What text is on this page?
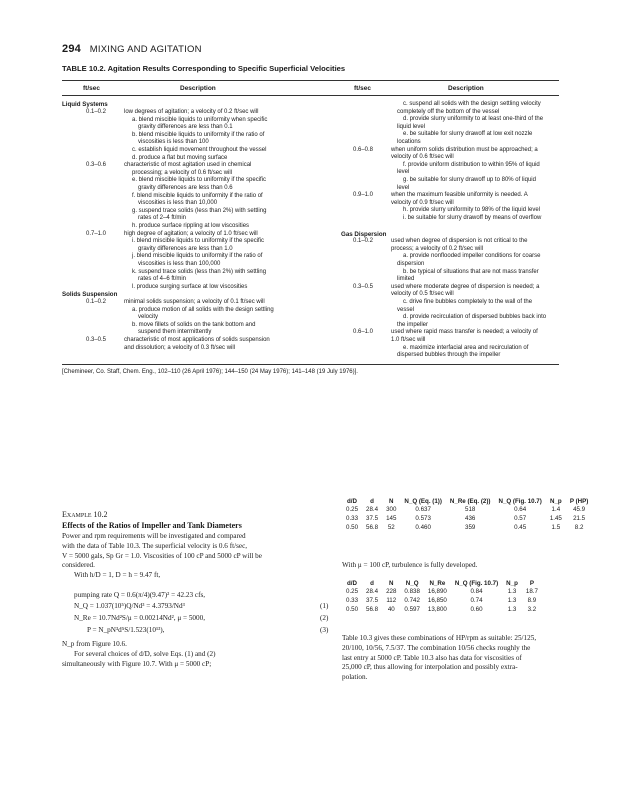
294 MIXING AND AGITATION
TABLE 10.2. Agitation Results Corresponding to Specific Superficial Velocities
ft/sec	Description	ft/sec	Description
Liquid Systems
0.1–0.2	low degrees of agitation; a velocity of 0.2 ft/sec will
a. blend miscible liquids to uniformity when specific
gravity differences are less than 0.1
b. blend miscible liquids to uniformity if the ratio of
viscosities is less than 100
c. establish liquid movement throughout the vessel
d. produce a flat but moving surface
0.3–0.6	characteristic of most agitation used in chemical
processing; a velocity of 0.6 ft/sec will
e. blend miscible liquids to uniformity if the specific
gravity differences are less than 0.6
f. blend miscible liquids to uniformity if the ratio of
viscosities is less than 10,000
g. suspend trace solids (less than 2%) with settling
rates of 2–4 ft/min
h. produce surface rippling at low viscosities
0.7–1.0	high degree of agitation; a velocity of 1.0 ft/sec will
i. blend miscible liquids to uniformity if the specific
gravity differences are less than 1.0
j. blend miscible liquids to uniformity if the ratio of
viscosities is less than 100,000
k. suspend trace solids (less than 2%) with settling
rates of 4–6 ft/min
l. produce surging surface at low viscosities
Solids Suspension
0.1–0.2	minimal solids suspension; a velocity of 0.1 ft/sec will
a. produce motion of all solids with the design settling
velocity
b. move fillets of solids on the tank bottom and
suspend them intermittently
0.3–0.5	characteristic of most applications of solids suspension
and dissolution; a velocity of 0.3 ft/sec will
c. suspend all solids with the design settling velocity
completely off the bottom of the vessel
d. provide slurry uniformity to at least one-third of the
liquid level
e. be suitable for slurry drawoff at low exit nozzle
locations
0.6–0.8	when uniform solids distribution must be approached; a
velocity of 0.6 ft/sec will
f. provide uniform distribution to within 95% of liquid
level
g. be suitable for slurry drawoff up to 80% of liquid
level
0.9–1.0	when the maximum feasible uniformity is needed. A
velocity of 0.9 ft/sec will
h. provide slurry uniformity to 98% of the liquid level
i. be suitable for slurry drawoff by means of overflow
Gas Dispersion
0.1–0.2	used when degree of dispersion is not critical to the
process; a velocity of 0.2 ft/sec will
a. provide nonflooded impeller conditions for coarse
dispersion
b. be typical of situations that are not mass transfer
limited
0.3–0.5	used where moderate degree of dispersion is needed; a
velocity of 0.5 ft/sec will
c. drive fine bubbles completely to the wall of the
vessel
d. provide recirculation of dispersed bubbles back into
the impeller
0.6–1.0	used where rapid mass transfer is needed; a velocity of
1.0 ft/sec will
e. maximize interfacial area and recirculation of
dispersed bubbles through the impeller
[Chemineer, Co. Staff, Chem. Eng., 102–110 (26 April 1976); 144–150 (24 May 1976); 141–148 (19 July 1976)].
Example 10.2
Effects of the Ratios of Impeller and Tank Diameters
Power and rpm requirements will be investigated and compared
with the data of Table 10.3. The superficial velocity is 0.6 ft/sec,
V = 5000 gals, Sp Gr = 1.0. Viscosities of 100 cP and 5000 cP will be
considered.
With h/D = 1, D = h = 9.47 ft,
pumping rate Q = 0.6(π/4)(9.47)² = 42.23 cfs,
N_Q = 1.037(10⁵)Q/Nd³ = 4.3793/Nd³	(1)
N_Re = 10.7Nd²S/μ = 0.00214Nd², μ = 5000,	(2)
P = N_pN³d⁵S/1.523(10¹³),	(3)
N_p from Figure 10.6.
For several choices of d/D, solve Eqs. (1) and (2)
simultaneously with Figure 10.7. With μ = 5000 cP;
d/D	d	N	N_Q (Eq. (1))	N_Re (Eq. (2))	N_Q (Fig. 10.7)	N_p	P (HP)
0.25	28.4	300	0.637	518	0.64	1.4	45.9
0.33	37.5	145	0.573	436	0.57	1.45	21.5
0.50	56.8	52	0.460	359	0.45	1.5	8.2
With μ = 100 cP, turbulence is fully developed.
d/D	d	N	N_Q	N_Re	N_Q (Fig. 10.7)	N_p	P
0.25	28.4	228	0.838	16,890	0.84	1.3	18.7
0.33	37.5	112	0.742	16,850	0.74	1.3	8.9
0.50	56.8	40	0.597	13,800	0.60	1.3	3.2
Table 10.3 gives these combinations of HP/rpm as suitable: 25/125,
20/100, 10/56, 7.5/37. The combination 10/56 checks roughly the
last entry at 5000 cP. Table 10.3 also has data for viscosities of
25,000 cP, thus allowing for interpolation and possibly extra-
polation.
